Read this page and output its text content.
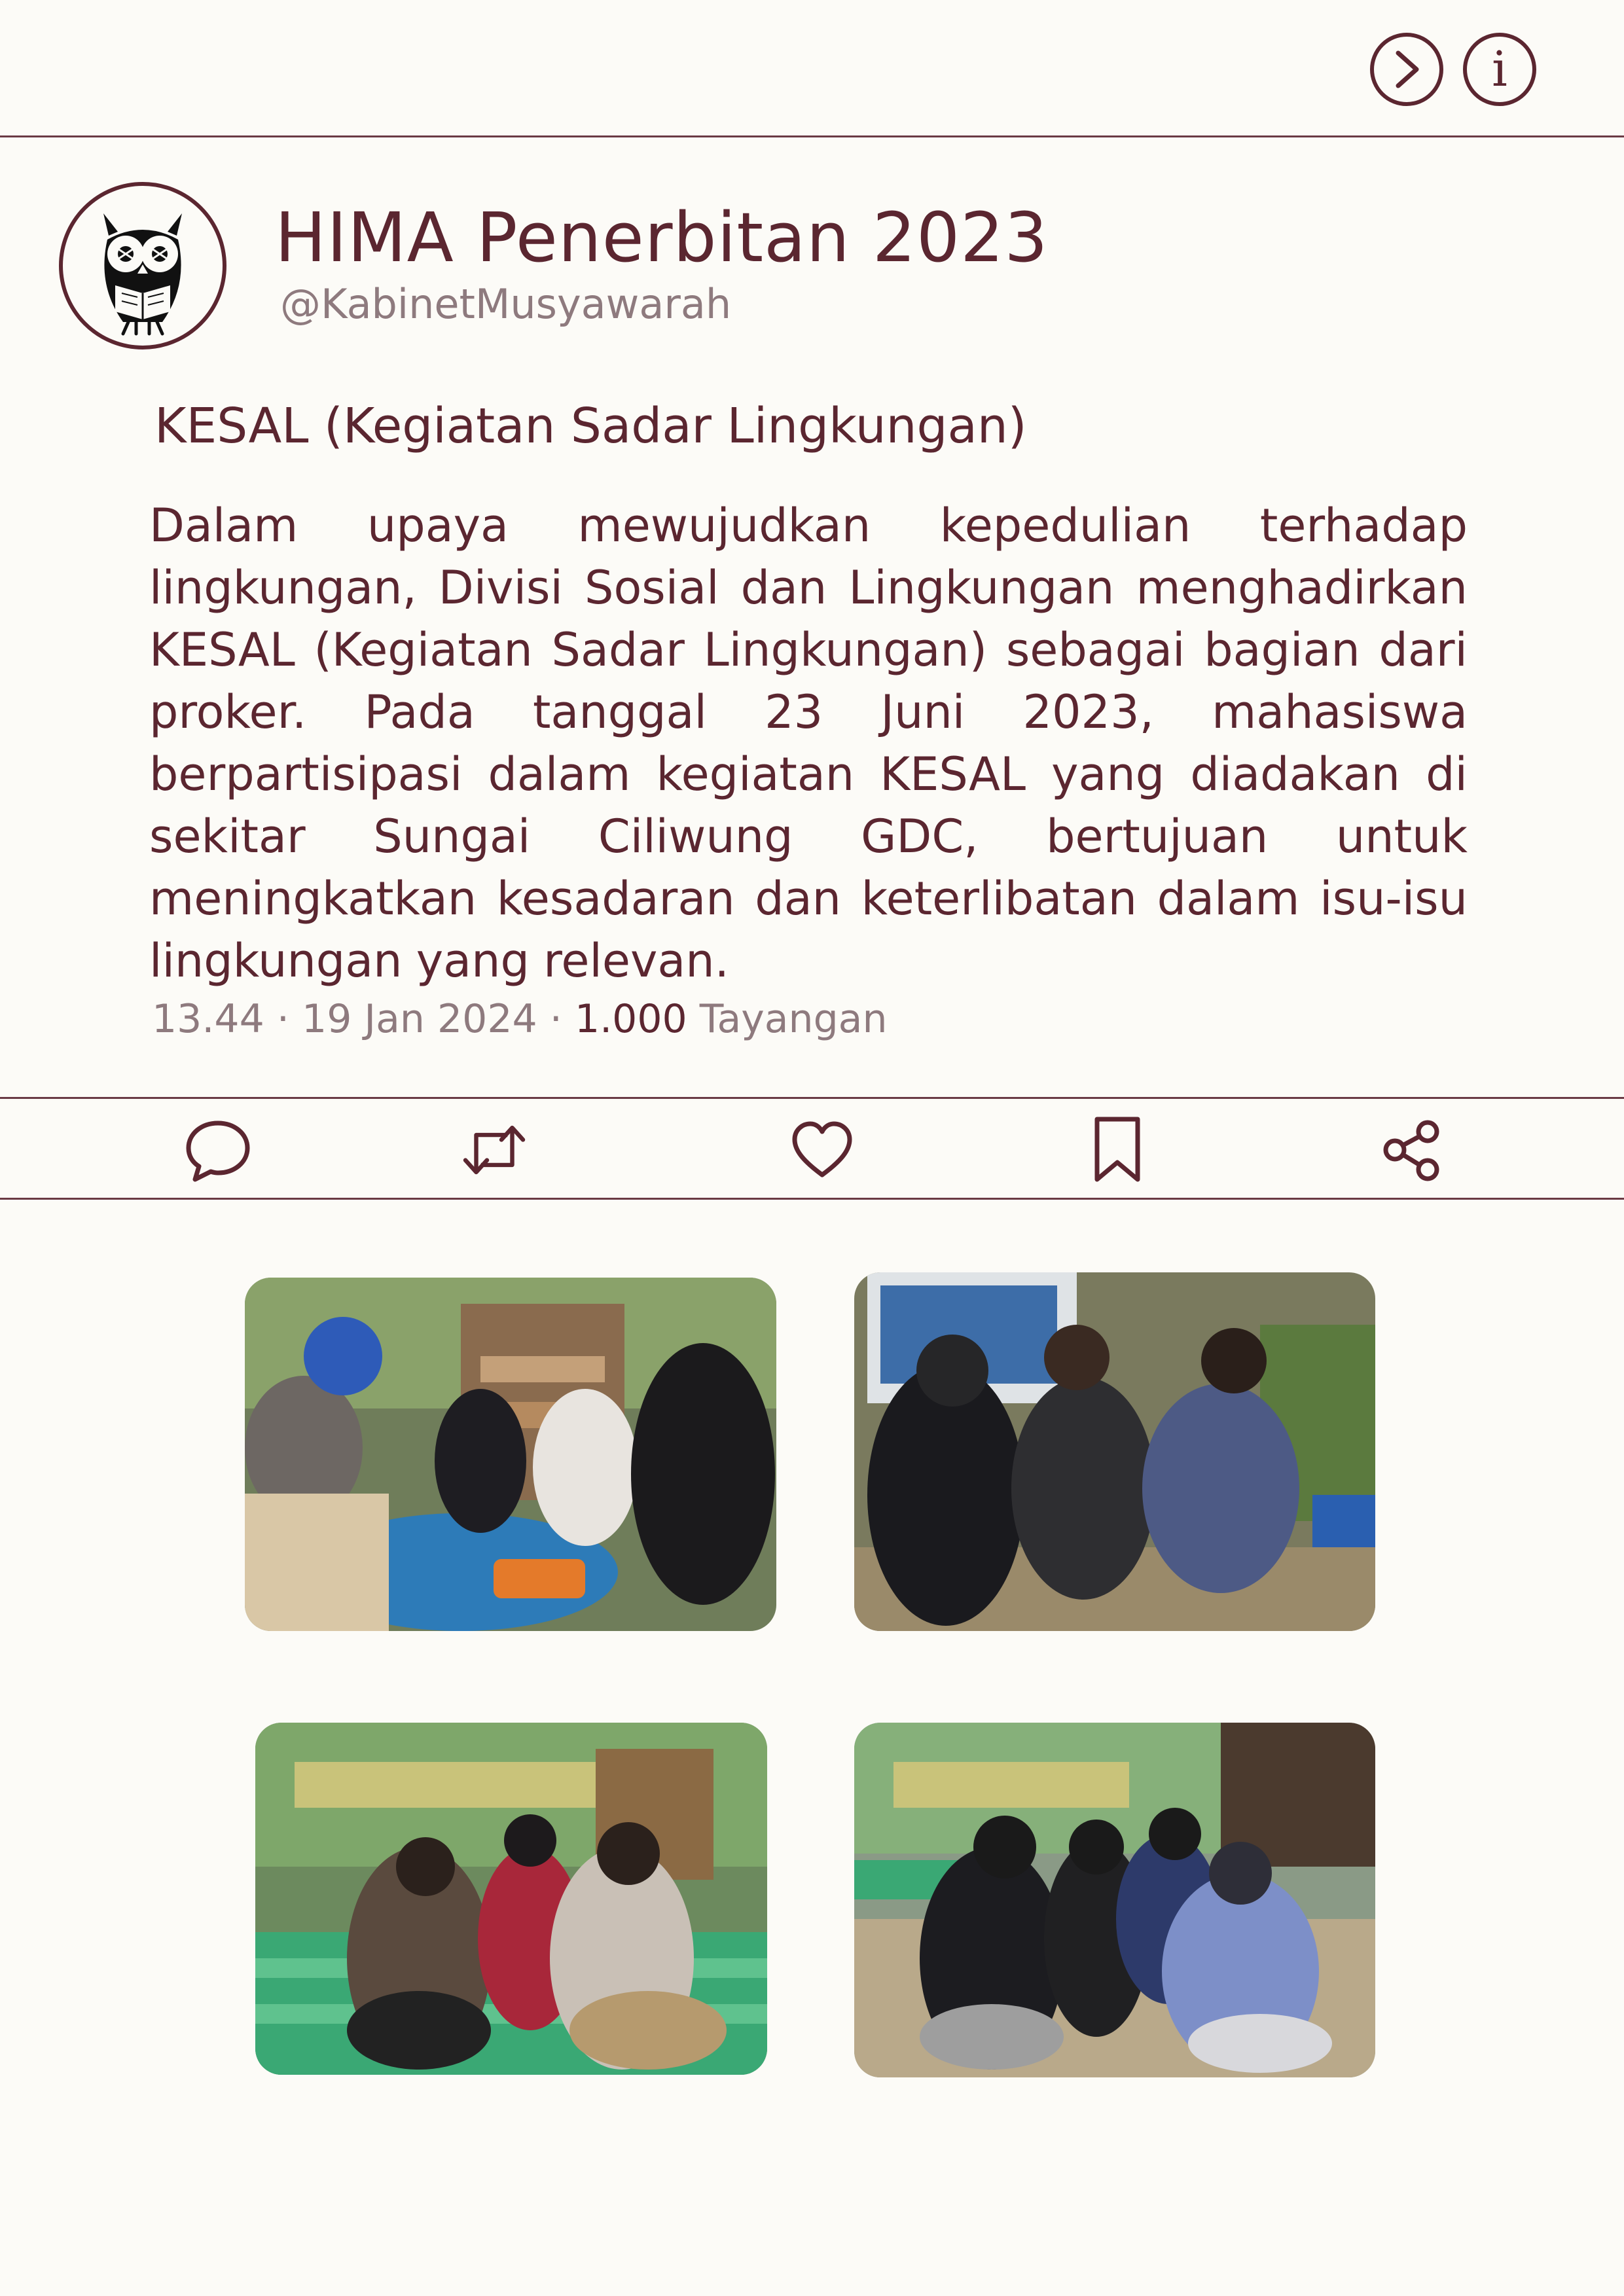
i
HIMA Penerbitan 2023
@KabinetMusyawarah
KESAL (Kegiatan Sadar Lingkungan)
Dalam upaya mewujudkan kepedulian terhadap lingkungan, Divisi Sosial dan Lingkungan menghadirkan KESAL (Kegiatan Sadar Lingkungan) sebagai bagian dari proker. Pada tanggal 23 Juni 2023, mahasiswa berpartisipasi dalam kegiatan KESAL yang diadakan di sekitar Sungai Ciliwung GDC, bertujuan untuk meningkatkan kesadaran dan keterlibatan dalam isu-isu lingkungan yang relevan.
13.44 · 19 Jan 2024 · 1.000 Tayangan
